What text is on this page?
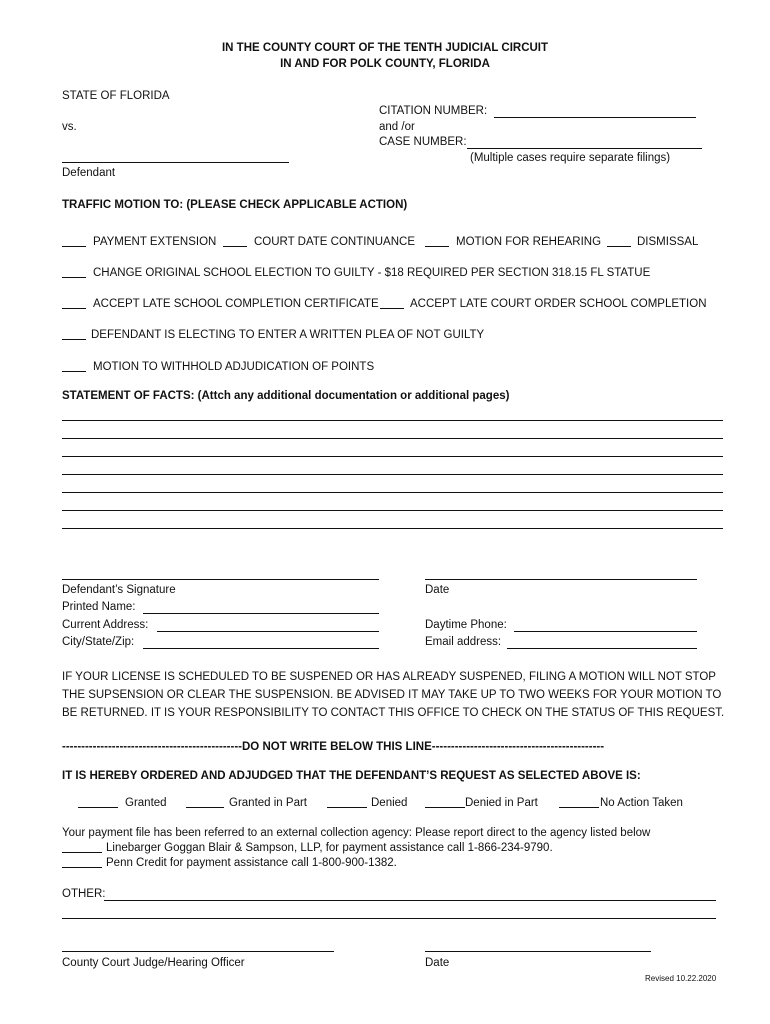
IN THE COUNTY COURT OF THE TENTH JUDICIAL CIRCUIT
IN AND FOR POLK COUNTY, FLORIDA
STATE OF FLORIDA
vs.
CITATION NUMBER:
and /or
CASE NUMBER:
(Multiple cases require separate filings)
Defendant
TRAFFIC MOTION TO: (PLEASE CHECK APPLICABLE ACTION)
PAYMENT EXTENSION	COURT DATE CONTINUANCE	MOTION FOR REHEARING	DISMISSAL
CHANGE ORIGINAL SCHOOL ELECTION TO GUILTY - $18 REQUIRED PER SECTION 318.15 FL STATUE
ACCEPT LATE SCHOOL COMPLETION CERTIFICATE	ACCEPT LATE COURT ORDER SCHOOL COMPLETION
DEFENDANT IS ELECTING TO ENTER A WRITTEN PLEA OF NOT GUILTY
MOTION TO WITHHOLD ADJUDICATION OF POINTS
STATEMENT OF FACTS: (Attch any additional documentation or additional pages)
Defendant’s Signature	Date
Printed Name:
Current Address:	Daytime Phone:
City/State/Zip:	Email address:
IF YOUR LICENSE IS SCHEDULED TO BE SUSPENED OR HAS ALREADY SUSPENED, FILING A MOTION WILL NOT STOP
THE SUPSENSION OR CLEAR THE SUSPENSION. BE ADVISED IT MAY TAKE UP TO TWO WEEKS FOR YOUR MOTION TO
BE RETURNED. IT IS YOUR RESPONSIBILITY TO CONTACT THIS OFFICE TO CHECK ON THE STATUS OF THIS REQUEST.
-----------------------------------------------DO NOT WRITE BELOW THIS LINE---------------------------------------------
IT IS HEREBY ORDERED AND ADJUDGED THAT THE DEFENDANT’S REQUEST AS SELECTED ABOVE IS:
Granted	Granted in Part	Denied	Denied in Part	No Action Taken
Your payment file has been referred to an external collection agency: Please report direct to the agency listed below
Linebarger Goggan Blair & Sampson, LLP, for payment assistance call 1-866-234-9790.
Penn Credit for payment assistance call 1-800-900-1382.
OTHER:
County Court Judge/Hearing Officer	Date
Revised 10.22.2020
